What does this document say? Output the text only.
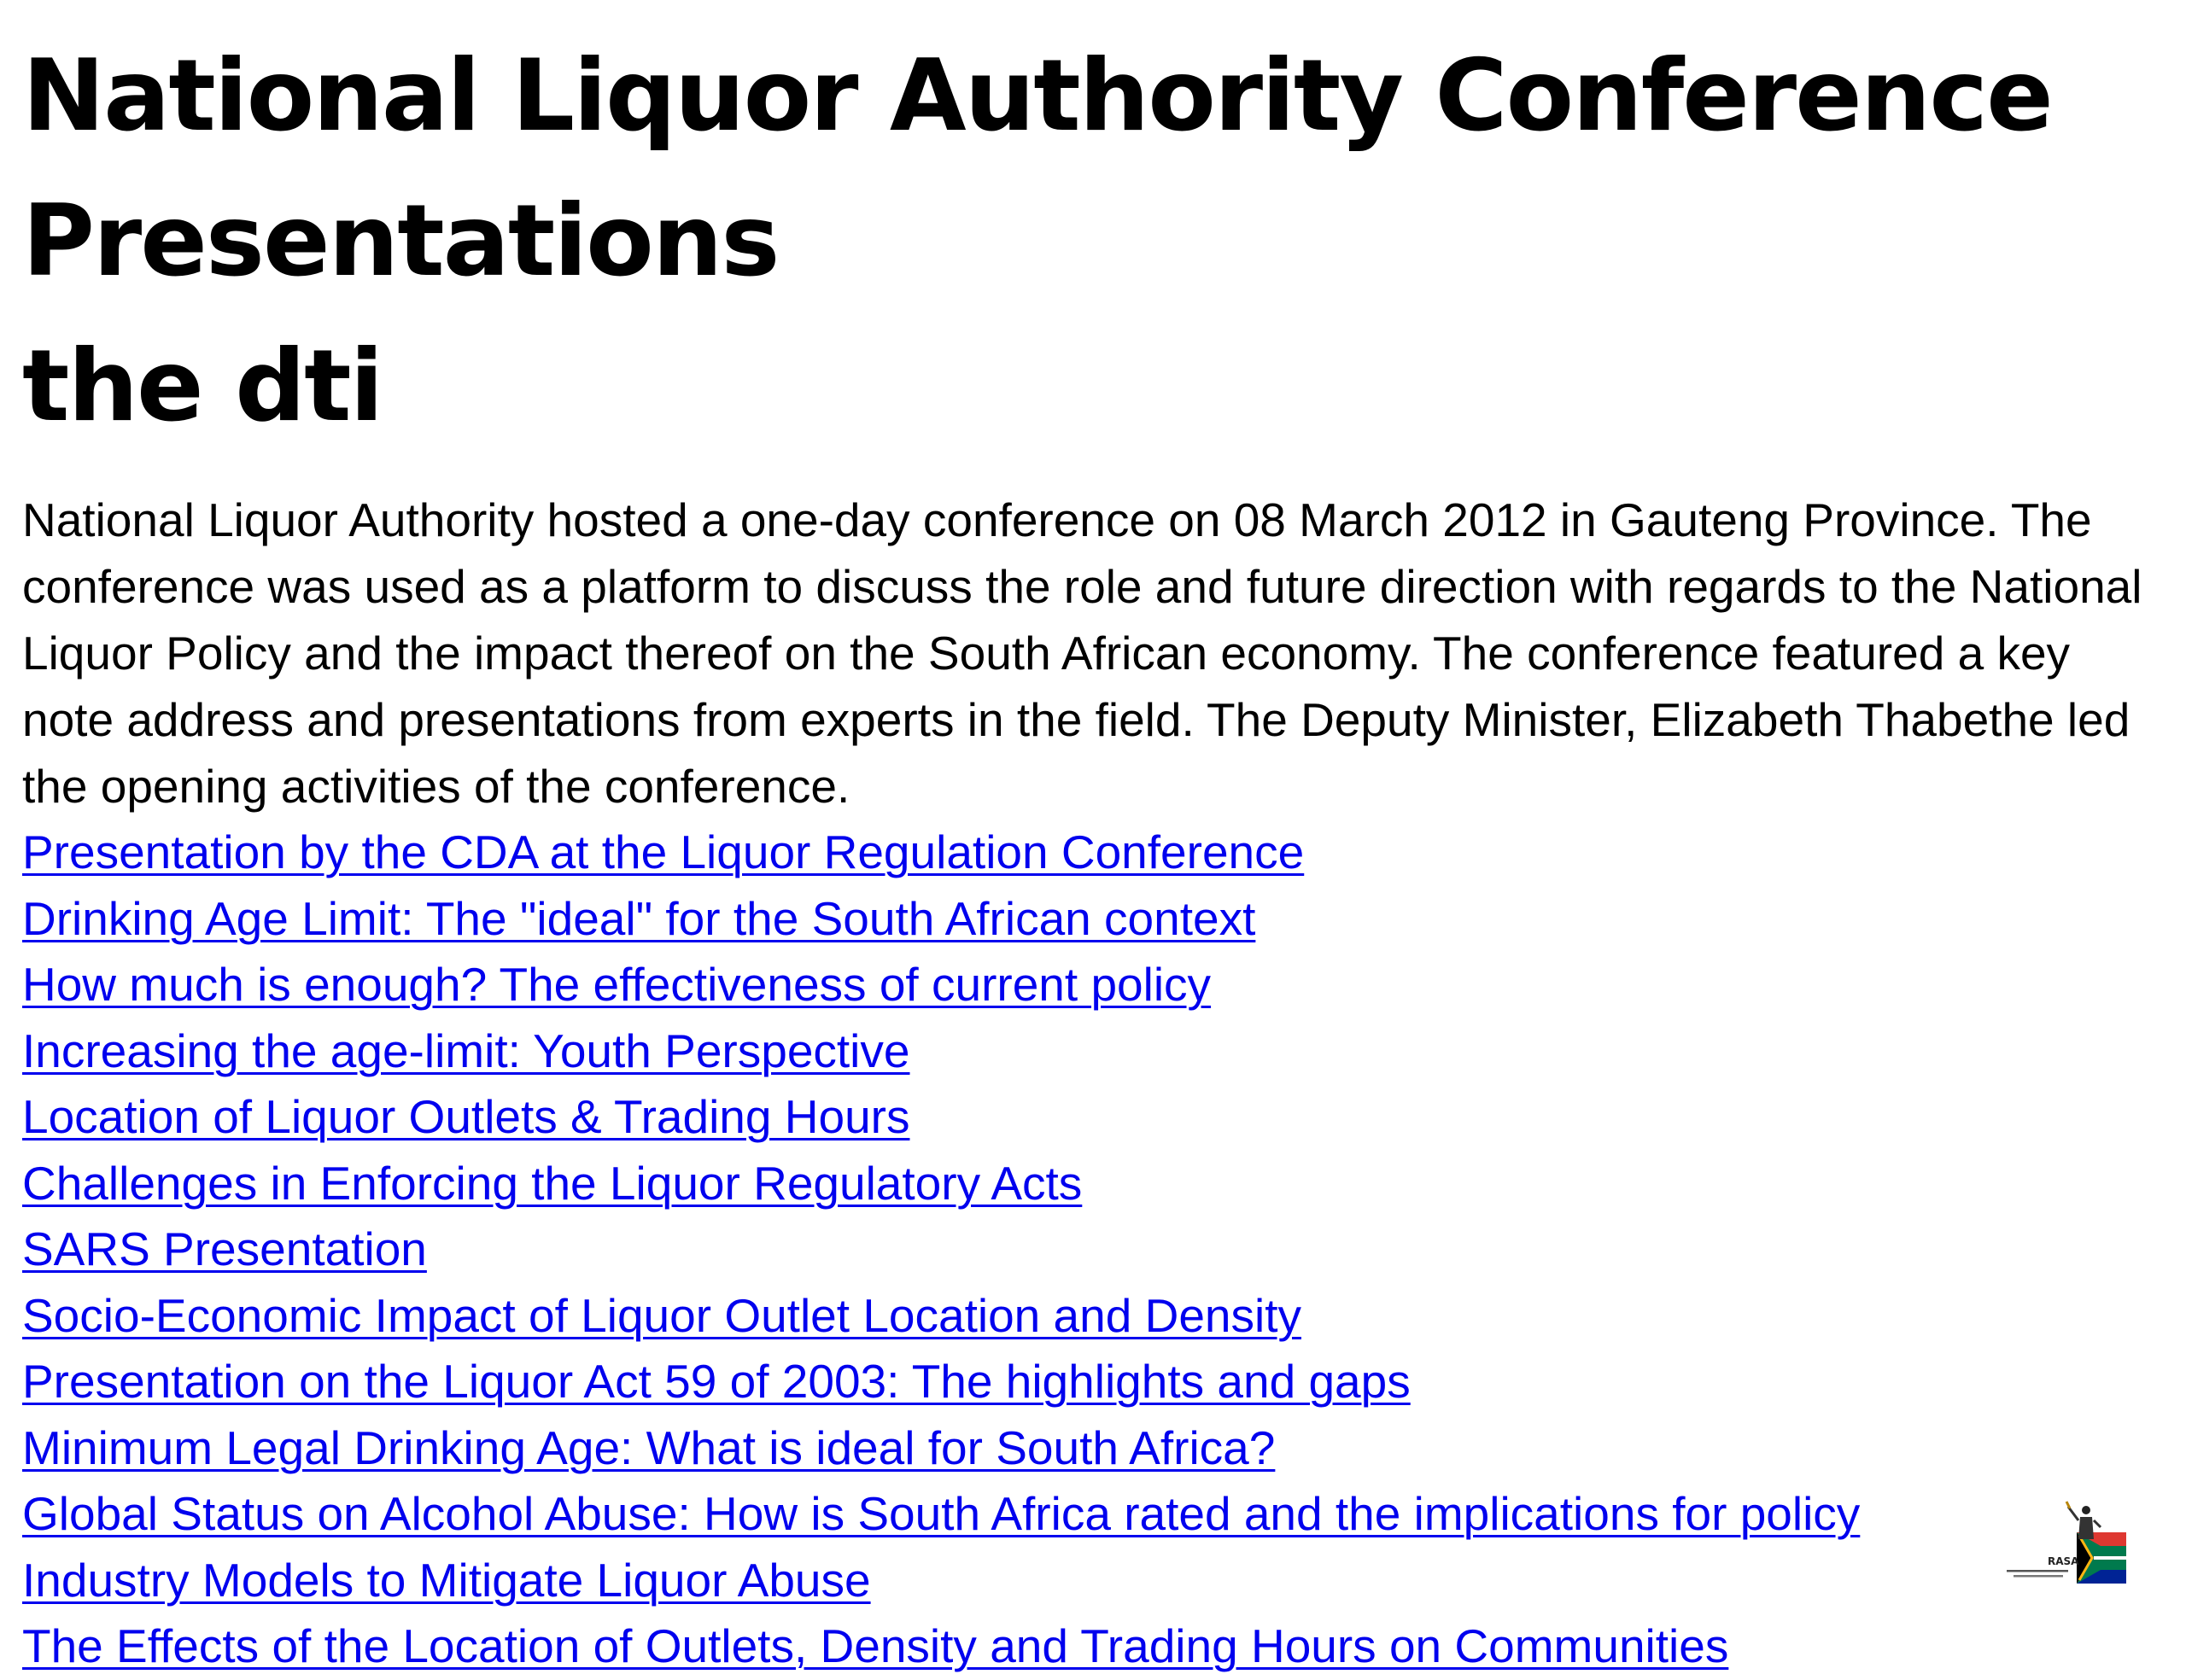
National Liquor Authority Conference
Presentations
the dti

National Liquor Authority hosted a one-day conference on 08 March 2012 in Gauteng Province. The conference was used as a platform to discuss the role and future direction with regards to the National Liquor Policy and the impact thereof on the South African economy. The conference featured a key note address and presentations from experts in the field. The Deputy Minister, Elizabeth Thabethe led the opening activities of the conference.

Presentation by the CDA at the Liquor Regulation Conference
Drinking Age Limit: The "ideal" for the South African context
How much is enough? The effectiveness of current policy
Increasing the age-limit: Youth Perspective
Location of Liquor Outlets & Trading Hours
Challenges in Enforcing the Liquor Regulatory Acts
SARS Presentation
Socio-Economic Impact of Liquor Outlet Location and Density
Presentation on the Liquor Act 59 of 2003: The highlights and gaps
Minimum Legal Drinking Age: What is ideal for South Africa?
Global Status on Alcohol Abuse: How is South Africa rated and the implications for policy
Industry Models to Mitigate Liquor Abuse
The Effects of the Location of Outlets, Density and Trading Hours on Communities
RASA
